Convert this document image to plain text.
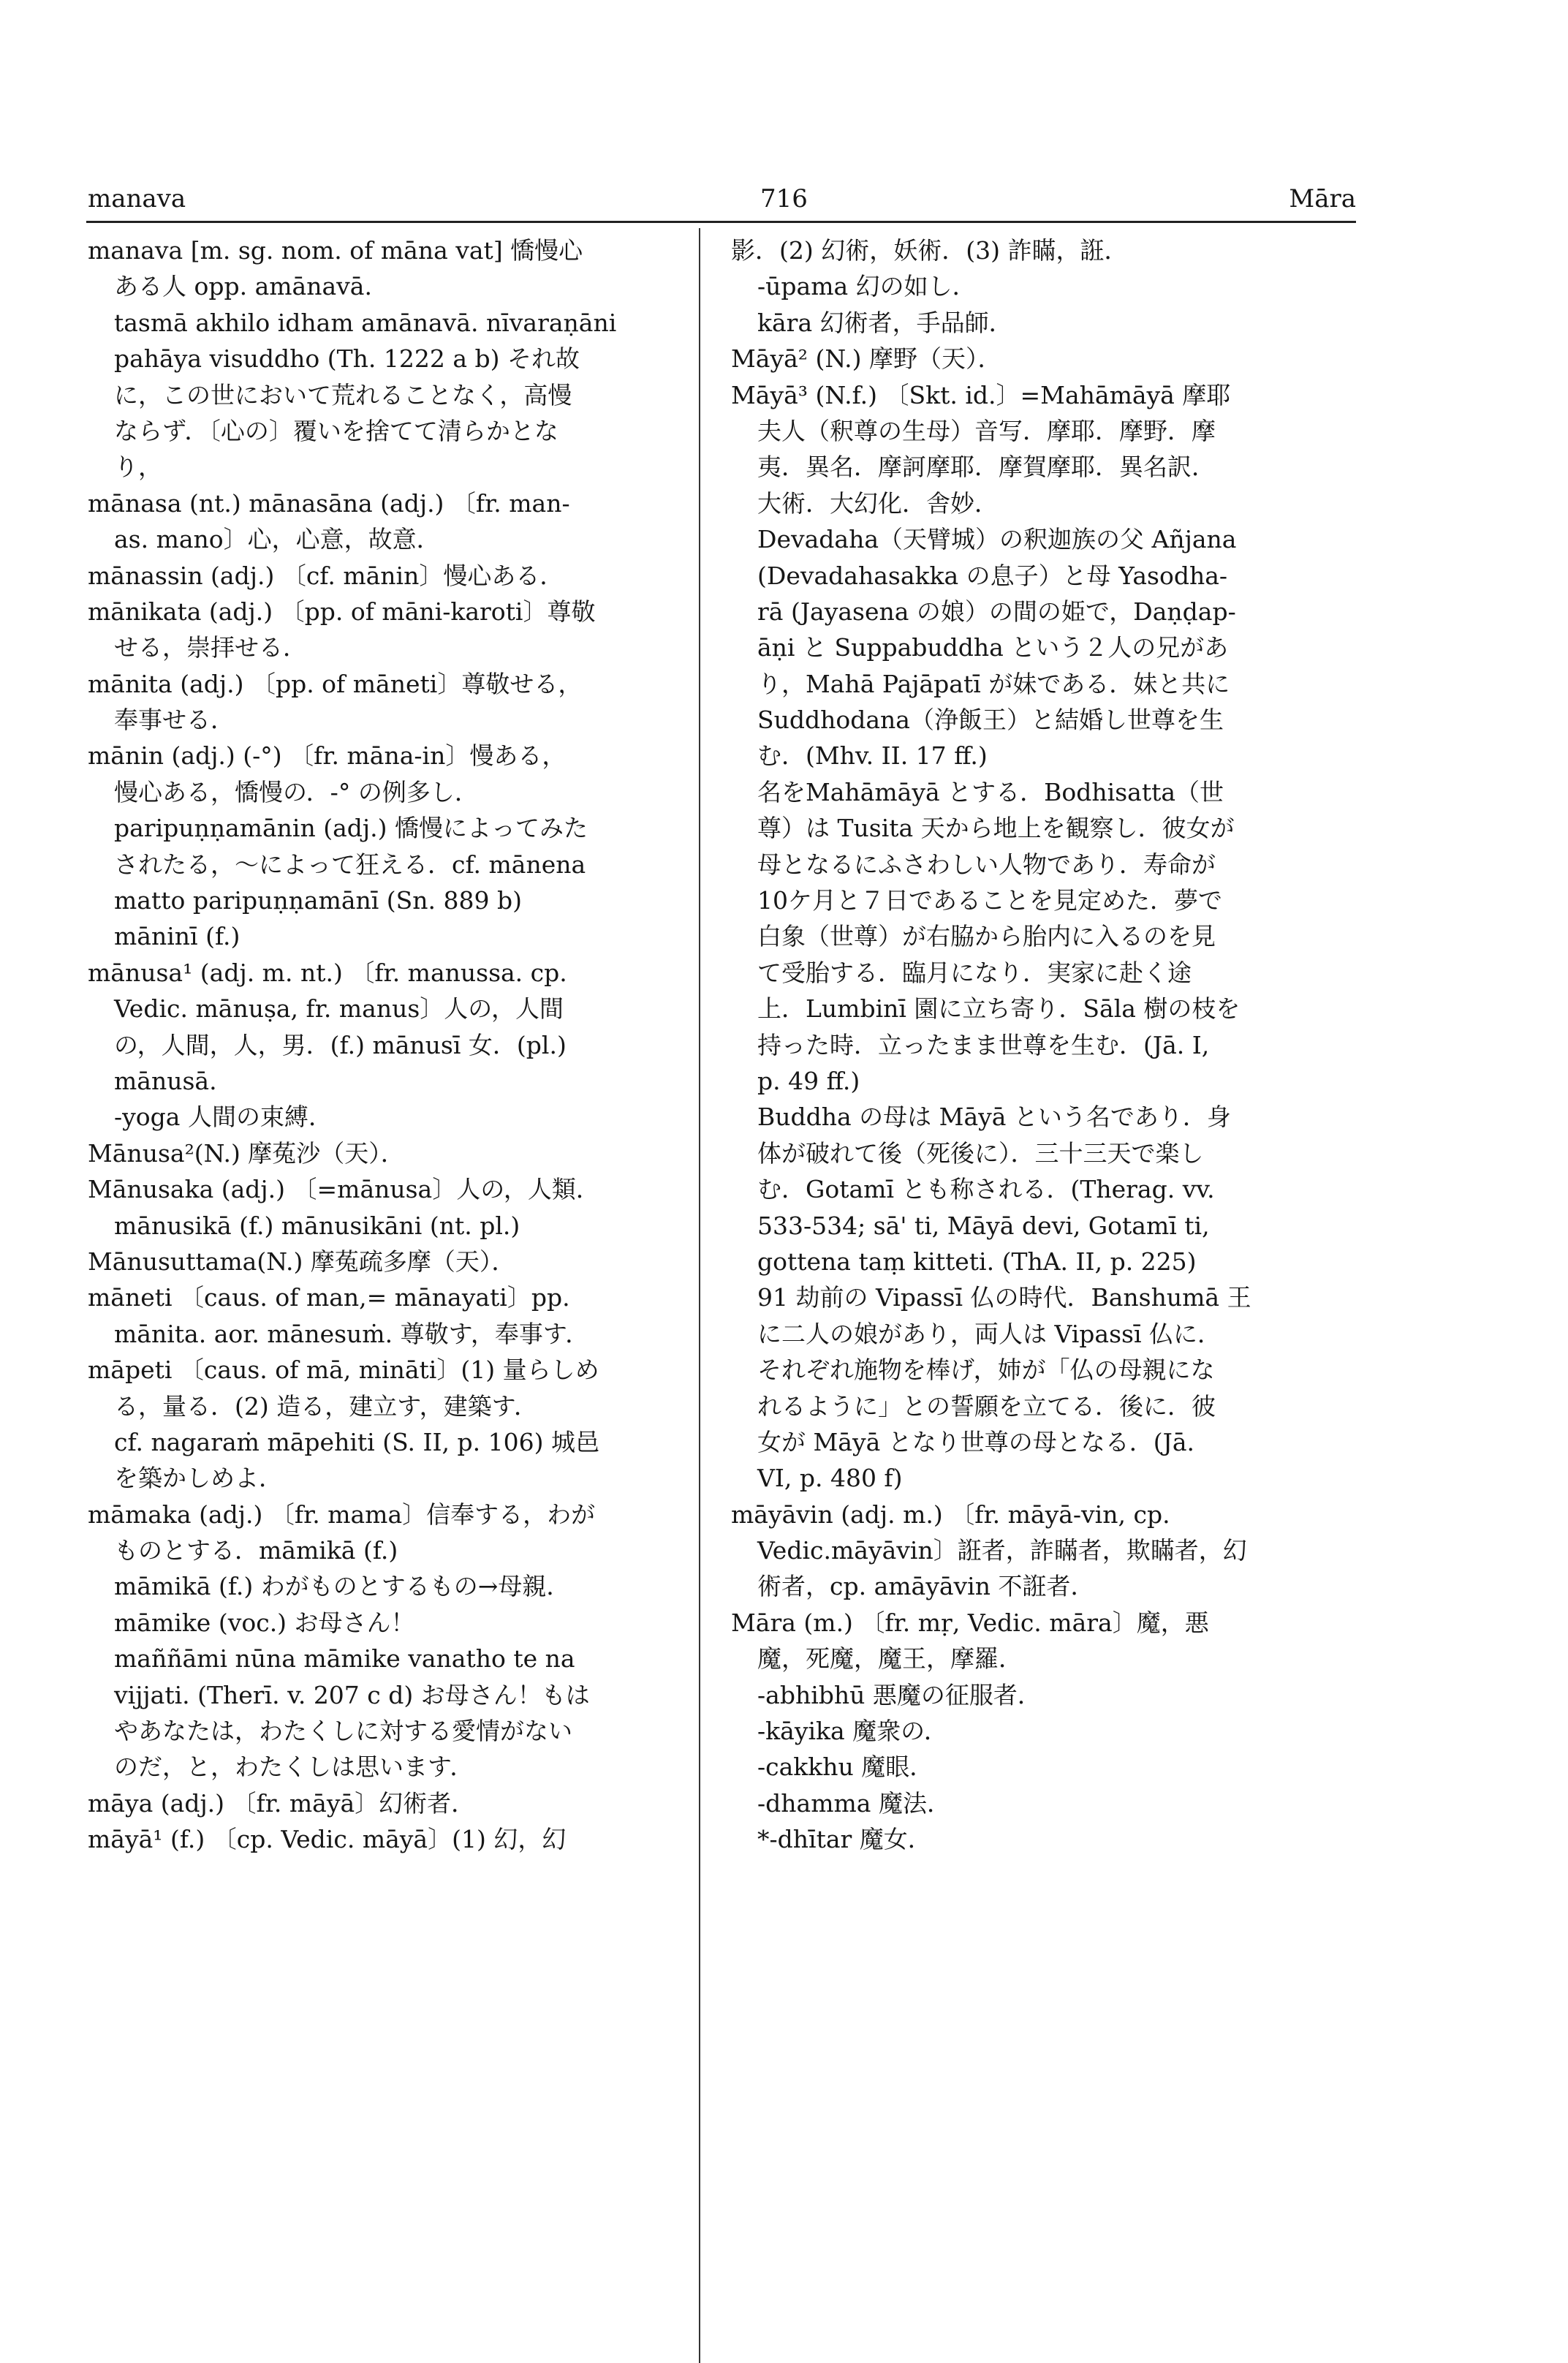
manava	716	Māra
manava [m. sg. nom. of māna vat] 憍慢心
ある人 opp. amānavā.
tasmā akhilo idham amānavā. nīvaraṇāni
pahāya visuddho (Th. 1222 a b) それ故
に，この世において荒れることなく，高慢
ならず．〔心の〕覆いを捨てて清らかとな
り，
mānasa (nt.) mānasāna (adj.) 〔fr. man-
as. mano〕心，心意，故意．
mānassin (adj.) 〔cf. mānin〕慢心ある．
mānikata (adj.) 〔pp. of māni-karoti〕尊敬
せる，崇拝せる．
mānita (adj.) 〔pp. of māneti〕尊敬せる，
奉事せる．
mānin (adj.) (-°) 〔fr. māna-in〕慢ある，
慢心ある，憍慢の．-° の例多し．
paripuṇṇamānin (adj.) 憍慢によってみた
されたる，～によって狂える．cf. mānena
matto paripuṇṇamānī (Sn. 889 b)
māninī (f.)
mānusa¹ (adj. m. nt.) 〔fr. manussa. cp.
Vedic. mānuṣa, fr. manus〕人の，人間
の，人間，人，男．(f.) mānusī 女．(pl.)
mānusā.
-yoga 人間の束縛．
Mānusa²(N.) 摩菟沙（天）．
Mānusaka (adj.) 〔=mānusa〕人の，人類．
mānusikā (f.) mānusikāni (nt. pl.)
Mānusuttama(N.) 摩菟疏多摩（天）．
māneti 〔caus. of man,= mānayati〕pp.
mānita. aor. mānesuṁ. 尊敬す，奉事す．
māpeti 〔caus. of mā, mināti〕(1) 量らしめ
る，量る．(2) 造る，建立す，建築す．
cf. nagaraṁ māpehiti (S. II, p. 106) 城邑
を築かしめよ．
māmaka (adj.) 〔fr. mama〕信奉する，わが
ものとする．māmikā (f.)
māmikā (f.) わがものとするもの→母親．
māmike (voc.) お母さん！
maññāmi nūna māmike vanatho te na
vijjati. (Therī. v. 207 c d) お母さん！もは
やあなたは，わたくしに対する愛情がない
のだ，と，わたくしは思います．
māya (adj.) 〔fr. māyā〕幻術者．
māyā¹ (f.) 〔cp. Vedic. māyā〕(1) 幻，幻
影．(2) 幻術，妖術．(3) 詐瞞，誑．
-ūpama 幻の如し．
kāra 幻術者，手品師．
Māyā² (N.) 摩野（天）．
Māyā³ (N.f.) 〔Skt. id.〕=Mahāmāyā 摩耶
夫人（釈尊の生母）音写．摩耶．摩野．摩
夷．異名．摩訶摩耶．摩賀摩耶．異名訳．
大術．大幻化．舎妙．
Devadaha（天臂城）の釈迦族の父 Añjana
(Devadahasakka の息子）と母 Yasodha-
rā (Jayasena の娘）の間の姫で，Daṇḍap-
āṇi と Suppabuddha という２人の兄があ
り，Mahā Pajāpatī が妹である．妹と共に
Suddhodana（浄飯王）と結婚し世尊を生
む．(Mhv. II. 17 ff.)
名をMahāmāyā とする．Bodhisatta（世
尊）は Tusita 天から地上を観察し．彼女が
母となるにふさわしい人物であり．寿命が
10ケ月と７日であることを見定めた．夢で
白象（世尊）が右脇から胎内に入るのを見
て受胎する．臨月になり．実家に赴く途
上．Lumbinī 園に立ち寄り．Sāla 樹の枝を
持った時．立ったまま世尊を生む．(Jā. I,
p. 49 ff.)
Buddha の母は Māyā という名であり．身
体が破れて後（死後に）．三十三天で楽し
む．Gotamī とも称される．(Therag. vv.
533-534; sā' ti, Māyā devi, Gotamī ti,
gottena taṃ kitteti. (ThA. II, p. 225)
91 劫前の Vipassī 仏の時代．Banshumā 王
に二人の娘があり，両人は Vipassī 仏に．
それぞれ施物を棒げ，姉が「仏の母親にな
れるように」との誓願を立てる．後に．彼
女が Māyā となり世尊の母となる．(Jā.
VI, p. 480 f)
māyāvin (adj. m.) 〔fr. māyā-vin, cp.
Vedic.māyāvin〕誑者，詐瞞者，欺瞞者，幻
術者，cp. amāyāvin 不誑者．
Māra (m.) 〔fr. mṛ, Vedic. māra〕魔，悪
魔，死魔，魔王，摩羅．
-abhibhū 悪魔の征服者．
-kāyika 魔衆の．
-cakkhu 魔眼．
-dhamma 魔法．
*-dhītar 魔女．
